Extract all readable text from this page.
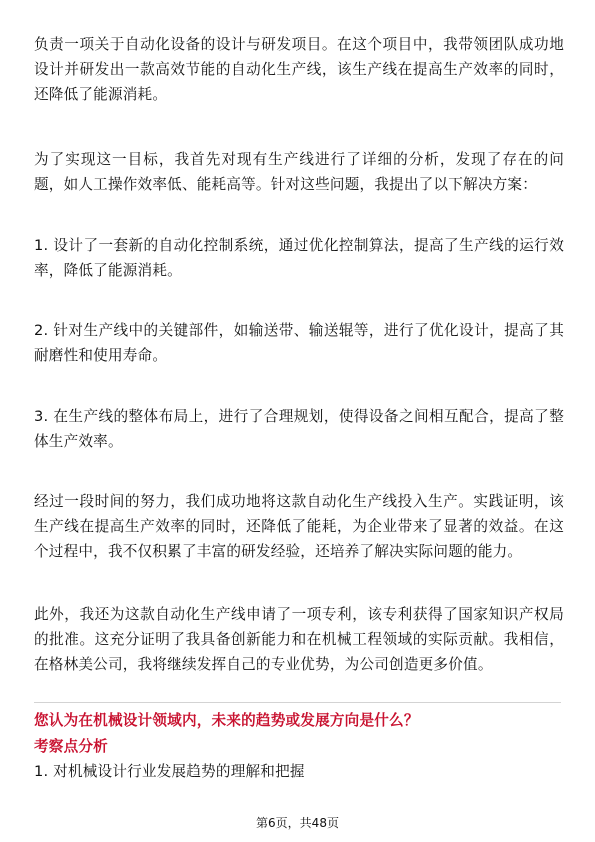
负责一项关于自动化设备的设计与研发项目。在这个项目中，我带领团队成功地设计并研发出一款高效节能的自动化生产线，该生产线在提高生产效率的同时，还降低了能源消耗。

为了实现这一目标，我首先对现有生产线进行了详细的分析，发现了存在的问题，如人工操作效率低、能耗高等。针对这些问题，我提出了以下解决方案：

1. 设计了一套新的自动化控制系统，通过优化控制算法，提高了生产线的运行效率，降低了能源消耗。

2. 针对生产线中的关键部件，如输送带、输送辊等，进行了优化设计，提高了其耐磨性和使用寿命。

3. 在生产线的整体布局上，进行了合理规划，使得设备之间相互配合，提高了整体生产效率。

经过一段时间的努力，我们成功地将这款自动化生产线投入生产。实践证明，该生产线在提高生产效率的同时，还降低了能耗，为企业带来了显著的效益。在这个过程中，我不仅积累了丰富的研发经验，还培养了解决实际问题的能力。

此外，我还为这款自动化生产线申请了一项专利，该专利获得了国家知识产权局的批准。这充分证明了我具备创新能力和在机械工程领域的实际贡献。我相信，在格林美公司，我将继续发挥自己的专业优势，为公司创造更多价值。

您认为在机械设计领域内，未来的趋势或发展方向是什么？

考察点分析

1. 对机械设计行业发展趋势的理解和把握

第6页，共48页
